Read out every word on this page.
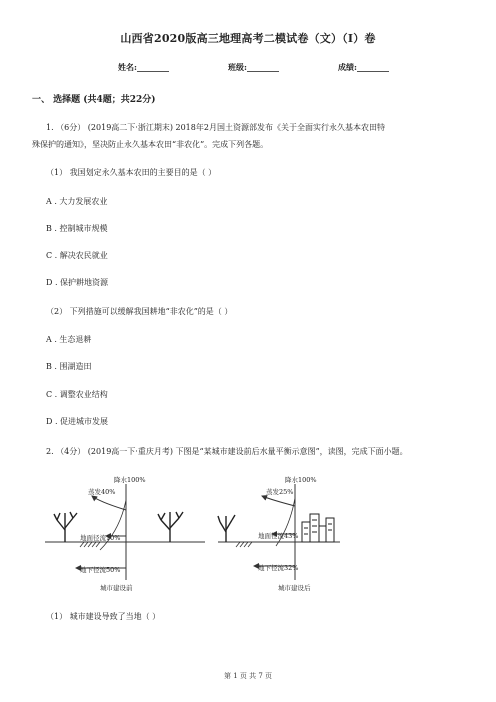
山西省2020版高三地理高考二模试卷（文）（I）卷
姓名:________	班级:________	成绩:________
一、 选择题 (共4题；共22分)
1. （6分） (2019高二下·浙江期末) 2018年2月国土资源部发布《关于全面实行永久基本农田特
殊保护的通知》，坚决防止永久基本农田“非农化”。完成下列各题。
（1） 我国划定永久基本农田的主要目的是（ ）
A . 大力发展农业
B . 控制城市规模
C . 解决农民就业
D . 保护耕地资源
（2） 下列措施可以缓解我国耕地“非农化”的是（ ）
A . 生态退耕
B . 围湖造田
C . 调整农业结构
D . 促进城市发展
2. （4分） (2019高一下·重庆月考) 下图是“某城市建设前后水量平衡示意图”，读图，完成下面小题。
降水100%
蒸发40%
地面径流10%
地下径流50%
城市建设前
降水100%
蒸发25%
地面径流43%
地下径流32%
城市建设后
（1） 城市建设导致了当地（ ）
第 1 页 共 7 页
